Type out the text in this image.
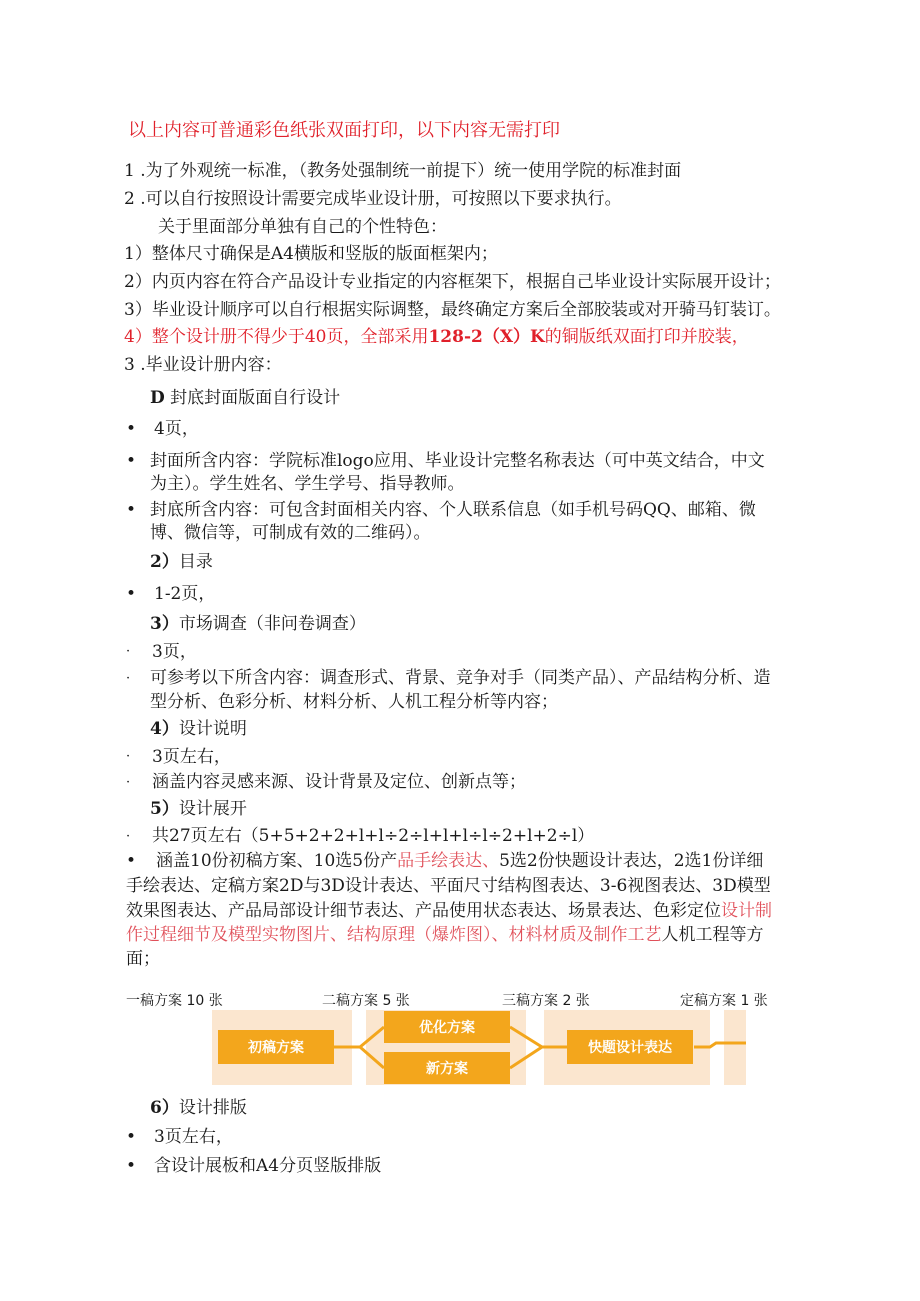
以上内容可普通彩色纸张双面打印，以下内容无需打印
1 .为了外观统一标准，（教务处强制统一前提下）统一使用学院的标准封面
2 .可以自行按照设计需要完成毕业设计册，可按照以下要求执行。
关于里面部分单独有自己的个性特色：
1）整体尺寸确保是A4横版和竖版的版面框架内；
2）内页内容在符合产品设计专业指定的内容框架下，根据自己毕业设计实际展开设计；
3）毕业设计顺序可以自行根据实际调整，最终确定方案后全部胶装或对开骑马钉装订。
4）整个设计册不得少于40页，全部采用128-2（X）K的铜版纸双面打印并胶装，
3 .毕业设计册内容：
D 封底封面版面自行设计
• 4页，
• 封面所含内容：学院标准logo应用、毕业设计完整名称表达（可中英文结合，中文
为主）。学生姓名、学生学号、指导教师。
• 封底所含内容：可包含封面相关内容、个人联系信息（如手机号码QQ、邮箱、微
博、微信等，可制成有效的二维码）。
2）目录
• 1-2页，
3）市场调查（非问卷调查）
· 3页，
· 可参考以下所含内容：调查形式、背景、竞争对手（同类产品）、产品结构分析、造
型分析、色彩分析、材料分析、人机工程分析等内容；
4）设计说明
· 3页左右，
· 涵盖内容灵感来源、设计背景及定位、创新点等；
5）设计展开
· 共27页左右（5+5+2+2+l+l÷2÷l+l+l÷l÷2+l+2÷l）
• 涵盖10份初稿方案、10选5份产品手绘表达、5选2份快题设计表达，2选1份详细
手绘表达、定稿方案2D与3D设计表达、平面尺寸结构图表达、3-6视图表达、3D模型
效果图表达、产品局部设计细节表达、产品使用状态表达、场景表达、色彩定位设计制
作过程细节及模型实物图片、结构原理（爆炸图）、材料材质及制作工艺人机工程等方
面；
一稿方案 10 张	二稿方案 5 张	三稿方案 2 张	定稿方案 1 张
初稿方案
优化方案
新方案
快题设计表达
6）设计排版
• 3页左右，
• 含设计展板和A4分页竖版排版
